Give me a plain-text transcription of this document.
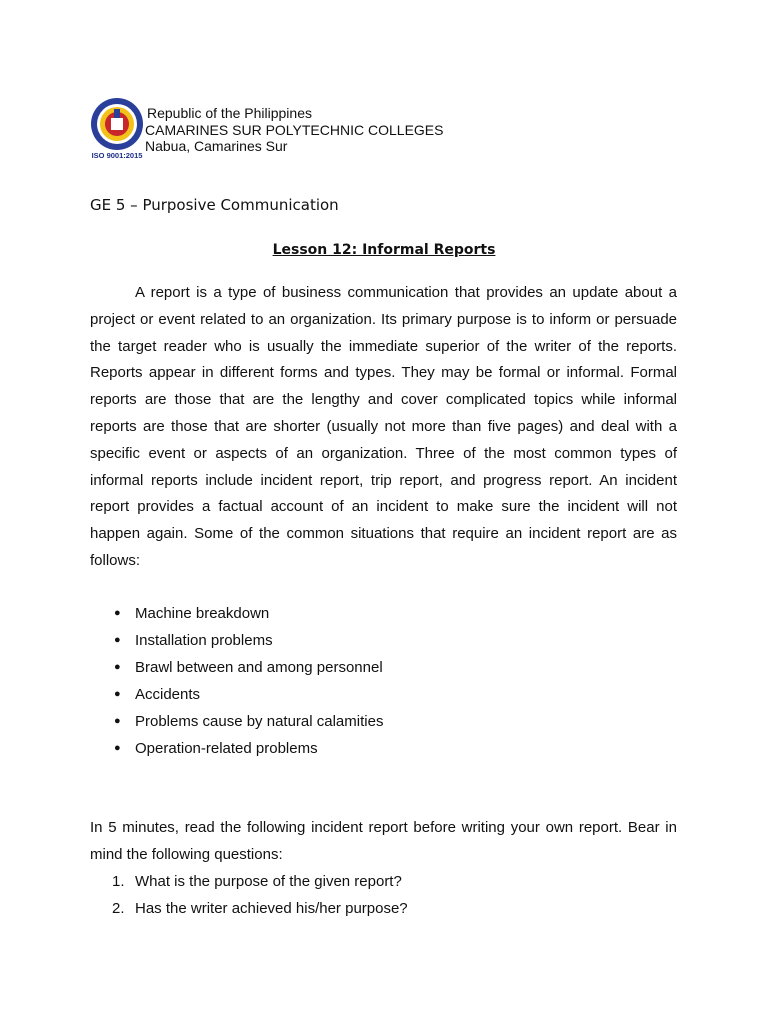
ISO 9001:2015
Republic of the Philippines
CAMARINES SUR POLYTECHNIC COLLEGES
Nabua, Camarines Sur
GE 5 – Purposive Communication
Lesson 12: Informal Reports

A report is a type of business communication that provides an update about a project or event related to an organization. Its primary purpose is to inform or persuade the target reader who is usually the immediate superior of the writer of the reports. Reports appear in different forms and types. They may be formal or informal. Formal reports are those that are the lengthy and cover complicated topics while informal reports are those that are shorter (usually not more than five pages) and deal with a specific event or aspects of an organization. Three of the most common types of informal reports include incident report, trip report, and progress report. An incident report provides a factual account of an incident to make sure the incident will not happen again. Some of the common situations that require an incident report are as follows:

● Machine breakdown
● Installation problems
● Brawl between and among personnel
● Accidents
● Problems cause by natural calamities
● Operation-related problems

In 5 minutes, read the following incident report before writing your own report. Bear in mind the following questions:

1. What is the purpose of the given report?
2. Has the writer achieved his/her purpose?
